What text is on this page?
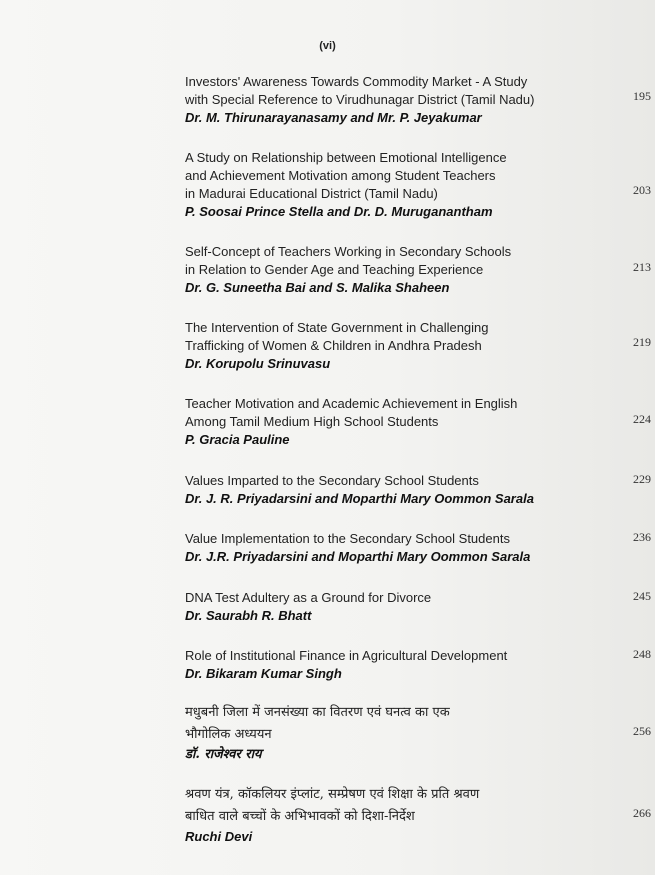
(vi)
Investors' Awareness Towards Commodity Market - A Study
with Special Reference to Virudhunagar District (Tamil Nadu)
Dr. M. Thirunarayanasamy and Mr. P. Jeyakumar
195
A Study on Relationship between Emotional Intelligence
and Achievement Motivation among Student Teachers
in Madurai Educational District (Tamil Nadu)
P. Soosai Prince Stella and Dr. D. Muruganantham
203
Self-Concept of Teachers Working in Secondary Schools
in Relation to Gender Age and Teaching Experience
Dr. G. Suneetha Bai and S. Malika Shaheen
213
The Intervention of State Government in Challenging
Trafficking of Women & Children in Andhra Pradesh
Dr. Korupolu Srinuvasu
219
Teacher Motivation and Academic Achievement in English
Among Tamil Medium High School Students
P. Gracia Pauline
224
Values Imparted to the Secondary School Students
Dr. J. R. Priyadarsini and Moparthi Mary Oommon Sarala
229
Value Implementation to the Secondary School Students
Dr. J.R. Priyadarsini and Moparthi Mary Oommon Sarala
236
DNA Test Adultery as a Ground for Divorce
Dr. Saurabh R. Bhatt
245
Role of Institutional Finance in Agricultural Development
Dr. Bikaram Kumar Singh
248
मधुबनी जिला में जनसंख्या का वितरण एवं घनत्व का एक
भौगोलिक अध्ययन
डॉ. राजेश्वर राय
256
श्रवण यंत्र, कॉकलियर इंप्लांट, सम्प्रेषण एवं शिक्षा के प्रति श्रवण
बाधित वाले बच्चों के अभिभावकों को दिशा-निर्देश
Ruchi Devi
266
